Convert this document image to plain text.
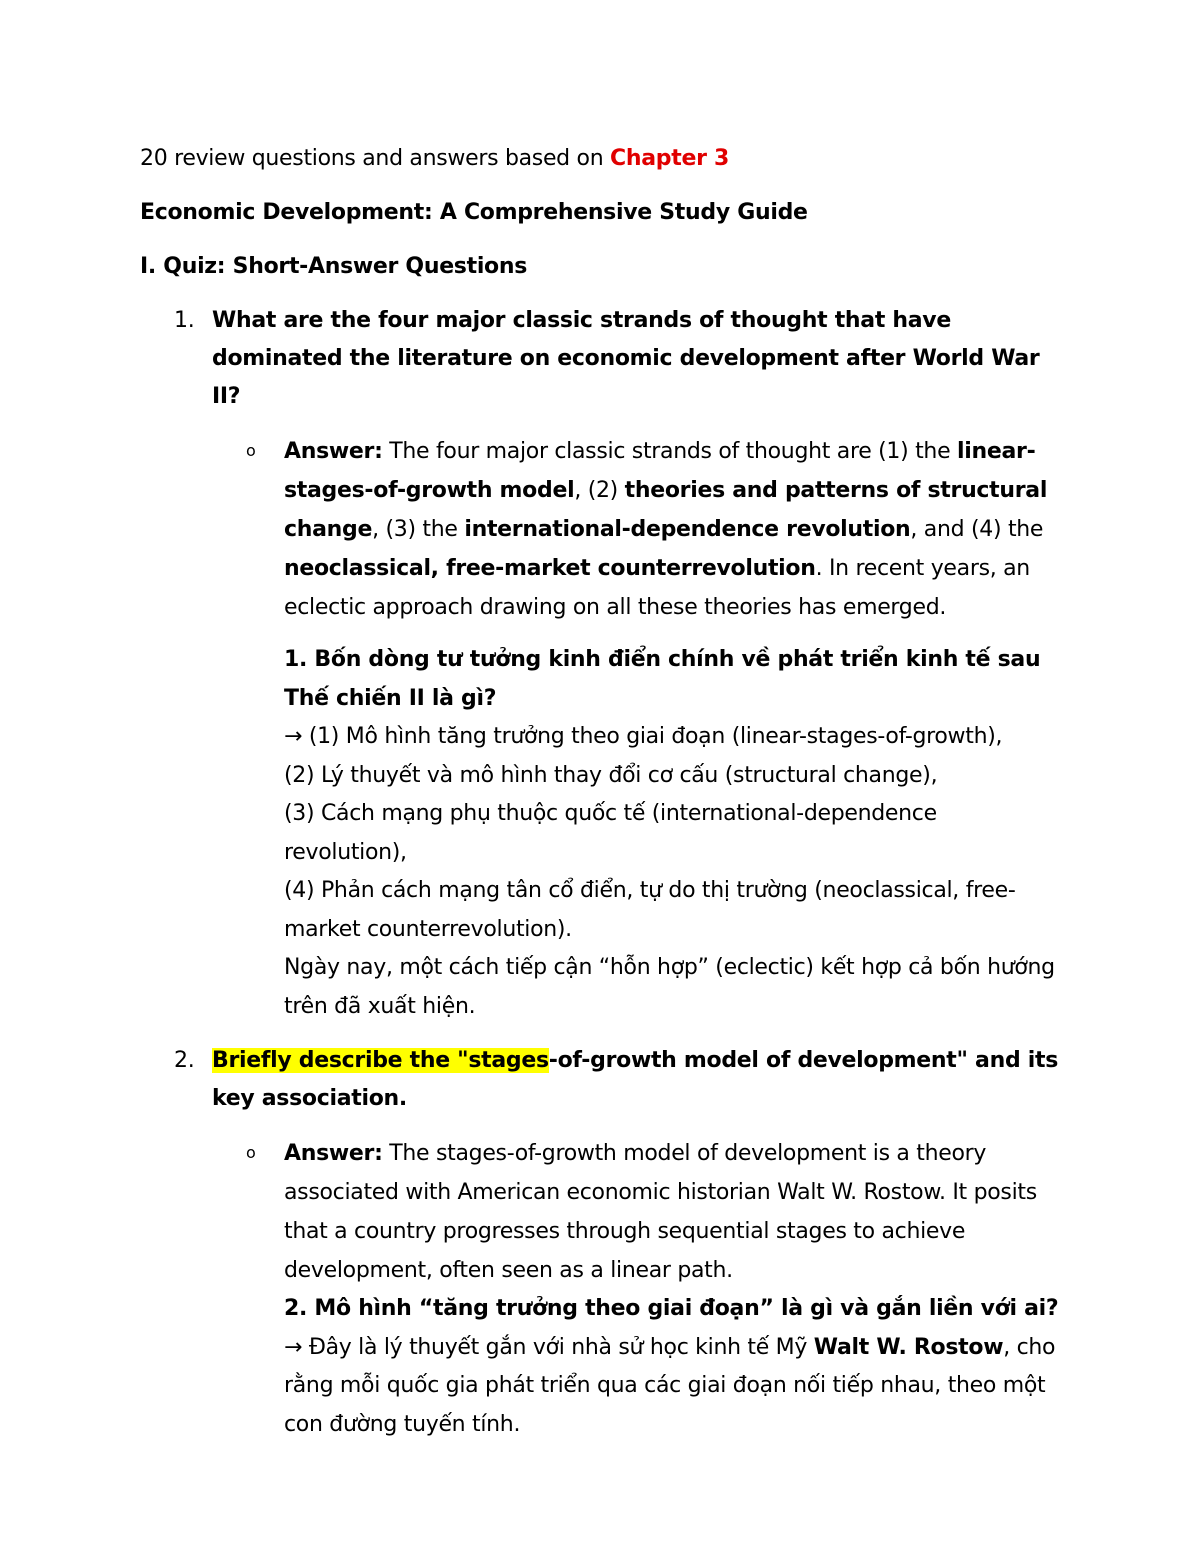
20 review questions and answers based on Chapter 3

Economic Development: A Comprehensive Study Guide

I. Quiz: Short-Answer Questions

1. What are the four major classic strands of thought that have dominated the literature on economic development after World War II?

o Answer: The four major classic strands of thought are (1) the linear-stages-of-growth model, (2) theories and patterns of structural change, (3) the international-dependence revolution, and (4) the neoclassical, free-market counterrevolution. In recent years, an eclectic approach drawing on all these theories has emerged.

1. Bốn dòng tư tưởng kinh điển chính về phát triển kinh tế sau Thế chiến II là gì?

→ (1) Mô hình tăng trưởng theo giai đoạn (linear-stages-of-growth),

(2) Lý thuyết và mô hình thay đổi cơ cấu (structural change),

(3) Cách mạng phụ thuộc quốc tế (international-dependence revolution),

(4) Phản cách mạng tân cổ điển, tự do thị trường (neoclassical, free-market counterrevolution).

Ngày nay, một cách tiếp cận “hỗn hợp” (eclectic) kết hợp cả bốn hướng trên đã xuất hiện.

2. Briefly describe the "stages-of-growth model of development" and its key association.

o Answer: The stages-of-growth model of development is a theory associated with American economic historian Walt W. Rostow. It posits that a country progresses through sequential stages to achieve development, often seen as a linear path.

2. Mô hình “tăng trưởng theo giai đoạn” là gì và gắn liền với ai?

→ Đây là lý thuyết gắn với nhà sử học kinh tế Mỹ Walt W. Rostow, cho rằng mỗi quốc gia phát triển qua các giai đoạn nối tiếp nhau, theo một con đường tuyến tính.
